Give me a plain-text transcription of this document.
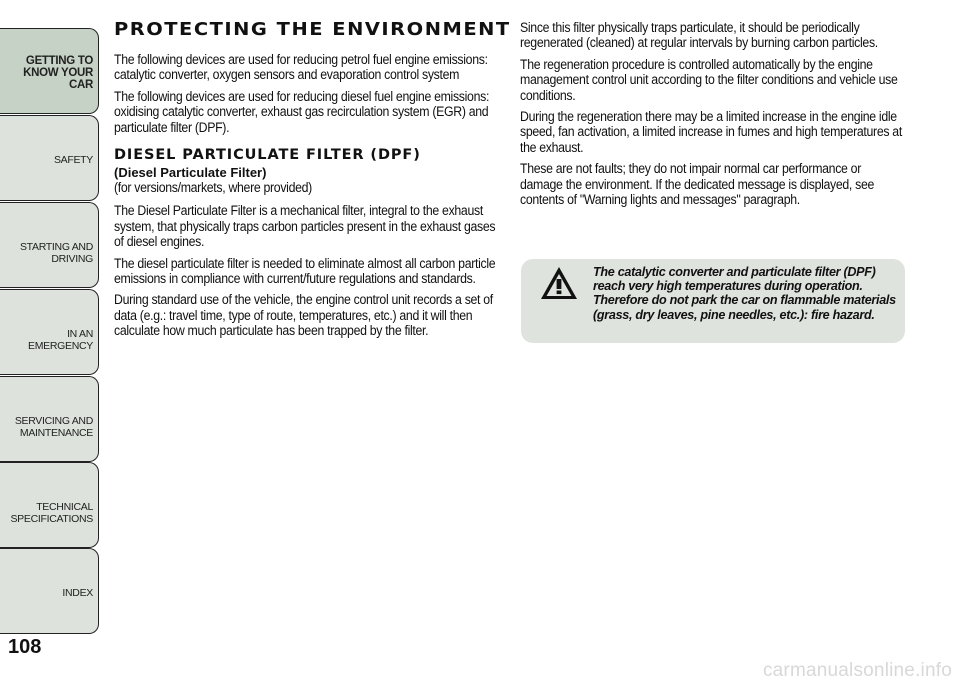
GETTING TO
KNOW YOUR CAR
SAFETY
STARTING AND
DRIVING
IN AN EMERGENCY
SERVICING AND
MAINTENANCE
TECHNICAL
SPECIFICATIONS
INDEX
108
PROTECTING THE ENVIRONMENT

The following devices are used for reducing petrol fuel engine emissions: catalytic converter, oxygen sensors and evaporation control system

The following devices are used for reducing diesel fuel engine emissions: oxidising catalytic converter, exhaust gas recirculation system (EGR) and particulate filter (DPF).

DIESEL PARTICULATE FILTER (DPF)
(Diesel Particulate Filter)

(for versions/markets, where provided)

The Diesel Particulate Filter is a mechanical filter, integral to the exhaust system, that physically traps carbon particles present in the exhaust gases of diesel engines.

The diesel particulate filter is needed to eliminate almost all carbon particle emissions in compliance with current/future regulations and standards.

During standard use of the vehicle, the engine control unit records a set of data (e.g.: travel time, type of route, temperatures, etc.) and it will then calculate how much particulate has been trapped by the filter.

Since this filter physically traps particulate, it should be periodically regenerated (cleaned) at regular intervals by burning carbon particles.

The regeneration procedure is controlled automatically by the engine management control unit according to the filter conditions and vehicle use conditions.

During the regeneration there may be a limited increase in the engine idle speed, fan activation, a limited increase in fumes and high temperatures at the exhaust.

These are not faults; they do not impair normal car performance or damage the environment. If the dedicated message is displayed, see contents of "Warning lights and messages" paragraph.

The catalytic converter and particulate filter (DPF) reach very high temperatures during operation. Therefore do not park the car on flammable materials (grass, dry leaves, pine needles, etc.): fire hazard.
carmanualsonline.info
